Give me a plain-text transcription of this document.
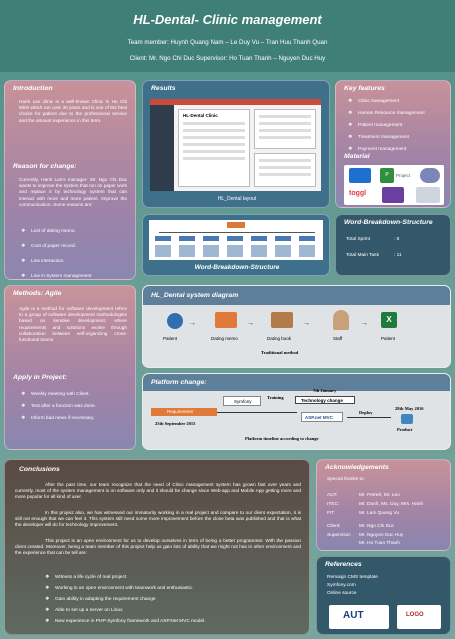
HL-Dental- Clinic management
Team member: Huynh Quang Nam – Le Duy Vu – Tran Huu Thanh Quan
Client: Mr. Ngo Chi Duc Supervisor: Ho Tuan Thanh – Nguyen Duc Huy
Introduction
Hanh Lan clinic is a well-known Clinic in Ho Chi Minh which run over 30 years and is one of the best choice for patient due to the professional service and the amount experience in this term.
Reason for change:
Currently, Hanh Lan's manager- Mr. Ngo Chi Duc wants to improve the system that run on paper work and replace it by technology system that can interact with more and more patient. Improve the communication. Some reasons are:
❖ Lost of dating memo.
❖ Cost of paper record.
❖ Low interaction.
❖ Low in System management
Results
HL-Dental Clinic
HL_Dental layout
Key features
❖ Clinic management
❖ Human Resource management
❖ Patient management
❖ Treatment management
❖ Payment management
Material
P	Project
toggl
Word-Breakdown-Structure
Word-Breakdown-Structure
Total Sprint	: 8
Total Main Task	: 11
Methods: Agile
Agile is a method for software development refers to a group of software development methodologies based on iterative development, where requirements and solutions evolve through collaboration between self-organizing cross-functional teams.
Apply in Project:
❖ Weekly meeting with Client.
❖ Test after a function was done.
❖ Inform bad news if necessary.
HL_Dental system diagram
Patient
→
Dating memo
→
Dating book
→
Staff
→	X
Patient
Traditional method
Platform change:
Requirement
25th September 2015
Symfony
Training
7th January
Technology change
ASP.net MVC
Deploy
28th May 2016
Product
Platform timeline according to change
Conclusions
After the past time, our team recognize that the need of Clinic management system has grown fast over years and currently, most of the system management is on software only and it should be change since Web-app and Mobile App getting more and more popular for all kind of user.
In this project also, we has witnessed our immaturity working in a real project and compare to our client expectation, it is still not enough that we can feel it. This system still need some more improvement before the close beta was published and that is what the developer will do for technology improvement.
This project is an open environment for us to develop ourselves in term of being a better programmer. With the passion client created. Moreover, being a team member of this project help us gain lots of ability that we might not has in other environment and the experience that can be tell are:
❖ Witness a life cycle of real project
❖ Working in an open environment with teamwork and enthusiastic.
❖ Gain ability in adapting the requirement change
❖ Able to set up a server on Linux
❖ New experience in PHP-Symfony framework and ASP.Net MVC model.
Acknowledgements
Special thanks to:
AUT:	Mr. Petrerl, Mr. Leo
ITEC:	Mr. Danh, Ms. Duy, Mrs. Hanh
FIT:	Mr. Lam Quang Vu
Client:	Mr. Ngo Chi Duc
Supervisor: Mr. Nguyen Duc Huy
Mr. Ho Tuan Thanh
References
Remaign CMS template
Symfony.com
Online source
AUT	LOGO
